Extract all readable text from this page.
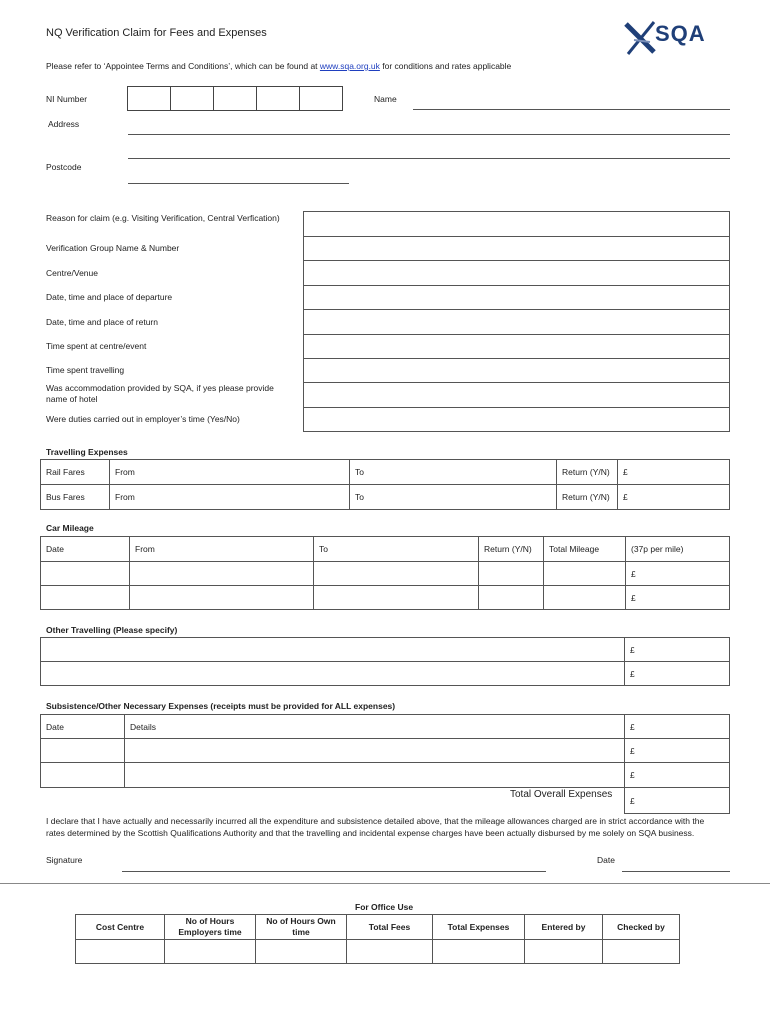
NQ Verification Claim for Fees and Expenses	SQA
Please refer to ‘Appointee Terms and Conditions’, which can be found at www.sqa.org.uk for conditions and rates applicable
NI Number	Name
Address
Postcode
Reason for claim (e.g. Visiting Verification, Central Verfication)
Verification Group Name & Number
Centre/Venue
Date, time and place of departure
Date, time and place of return
Time spent at centre/event
Time spent travelling
Was accommodation provided by SQA, if yes please provide name of hotel
Were duties carried out in employer’s time (Yes/No)

Travelling Expenses
Rail Fares	From	To	Return (Y/N)	£
Bus Fares	From	To	Return (Y/N)	£
Car Mileage
Date	From	To	Return (Y/N)	Total Mileage	(37p per mile)
					£
					£
Other Travelling (Please specify)
	£
	£
Subsistence/Other Necessary Expenses (receipts must be provided for ALL expenses)
Date	Details	£
		£
		£
Total Overall Expenses
£
I declare that I have actually and necessarily incurred all the expenditure and subsistence detailed above, that the mileage allowances charged are in strict accordance with the rates determined by the Scottish Qualifications Authority and that the travelling and incidental expense charges have been actually disbursed by me solely on SQA business.
Signature	Date
For Office Use
Cost Centre	No of Hours Employers time	No of Hours Own time	Total Fees	Total Expenses	Entered by	Checked by
